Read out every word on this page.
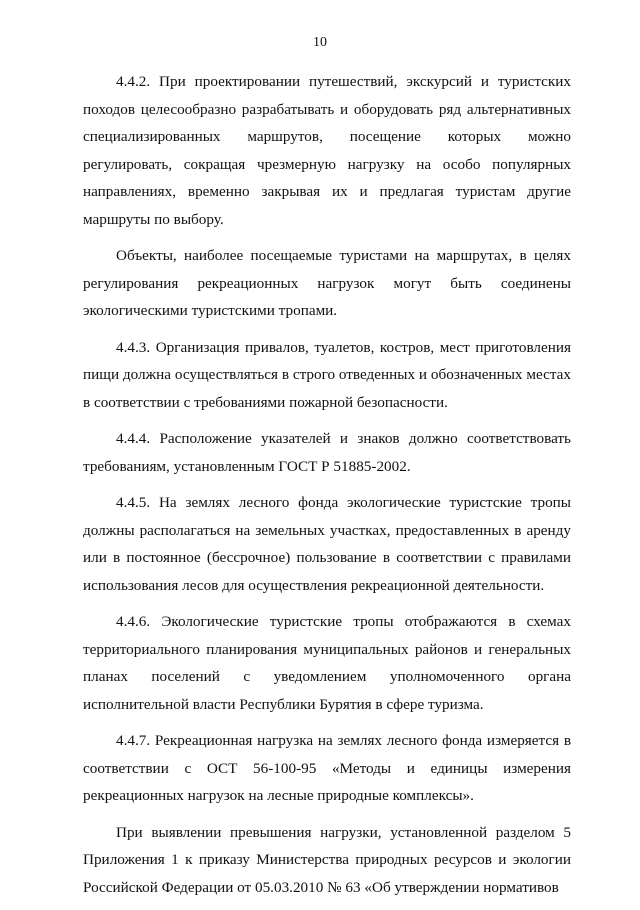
10

4.4.2. При проектировании путешествий, экскурсий и туристских походов целесообразно разрабатывать и оборудовать ряд альтернативных специализированных маршрутов, посещение которых можно регулировать, сокращая чрезмерную нагрузку на особо популярных направлениях, временно закрывая их и предлагая туристам другие маршруты по выбору.

Объекты, наиболее посещаемые туристами на маршрутах, в целях регулирования рекреационных нагрузок могут быть соединены экологическими туристскими тропами.

4.4.3. Организация привалов, туалетов, костров, мест приготовления пищи должна осуществляться в строго отведенных и обозначенных местах в соответствии с требованиями пожарной безопасности.

4.4.4. Расположение указателей и знаков должно соответствовать требованиям, установленным ГОСТ Р 51885-2002.

4.4.5. На землях лесного фонда экологические туристские тропы должны располагаться на земельных участках, предоставленных в аренду или в постоянное (бессрочное) пользование в соответствии с правилами использования лесов для осуществления рекреационной деятельности.

4.4.6. Экологические туристские тропы отображаются в схемах территориального планирования муниципальных районов и генеральных планах поселений с уведомлением уполномоченного органа исполнительной власти Республики Бурятия в сфере туризма.

4.4.7. Рекреационная нагрузка на землях лесного фонда измеряется в соответствии с ОСТ 56-100-95 «Методы и единицы измерения рекреационных нагрузок на лесные природные комплексы».

При выявлении превышения нагрузки, установленной разделом 5 Приложения 1 к приказу Министерства природных ресурсов и экологии Российской Федерации от 05.03.2010 № 63 «Об утверждении нормативов
